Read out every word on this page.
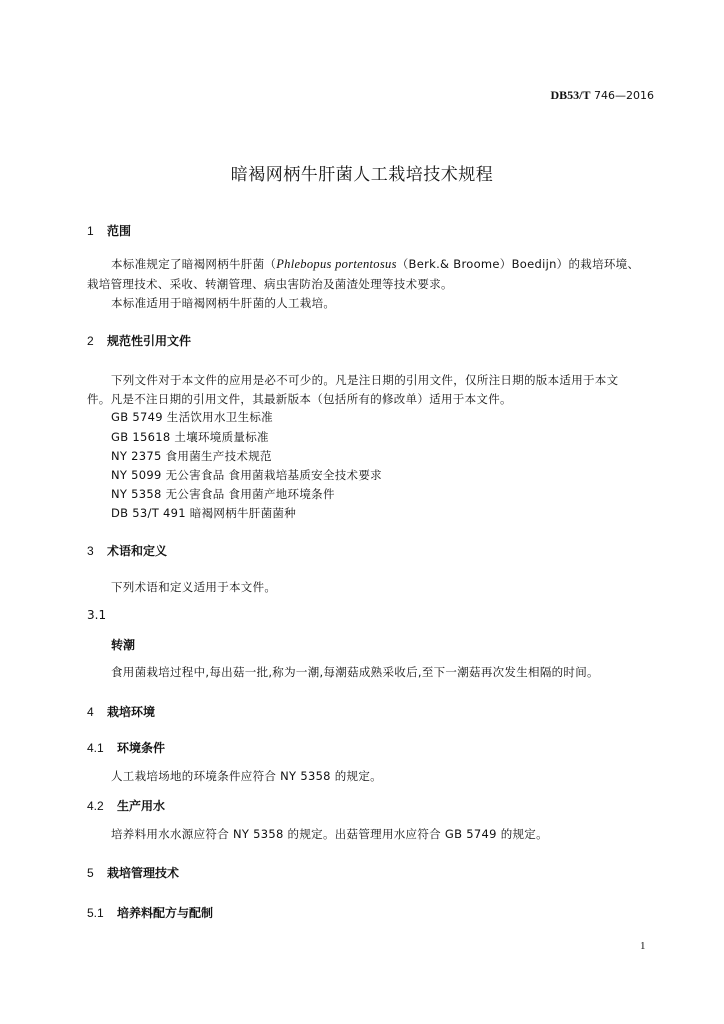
DB53/T 746—2016
暗褐网柄牛肝菌人工栽培技术规程
1 范围
本标准规定了暗褐网柄牛肝菌（Phlebopus portentosus（Berk.& Broome）Boedijn）的栽培环境、
栽培管理技术、采收、转潮管理、病虫害防治及菌渣处理等技术要求。
本标准适用于暗褐网柄牛肝菌的人工栽培。
2 规范性引用文件
下列文件对于本文件的应用是必不可少的。凡是注日期的引用文件，仅所注日期的版本适用于本文
件。凡是不注日期的引用文件，其最新版本（包括所有的修改单）适用于本文件。
GB 5749 生活饮用水卫生标准
GB 15618 土壤环境质量标准
NY 2375 食用菌生产技术规范
NY 5099 无公害食品 食用菌栽培基质安全技术要求
NY 5358 无公害食品 食用菌产地环境条件
DB 53/T 491 暗褐网柄牛肝菌菌种
3 术语和定义
下列术语和定义适用于本文件。
3.1
转潮
食用菌栽培过程中,每出菇一批,称为一潮,每潮菇成熟采收后,至下一潮菇再次发生相隔的时间。
4 栽培环境
4.1 环境条件
人工栽培场地的环境条件应符合 NY 5358 的规定。
4.2 生产用水
培养料用水水源应符合 NY 5358 的规定。出菇管理用水应符合 GB 5749 的规定。
5 栽培管理技术
5.1 培养料配方与配制
1
